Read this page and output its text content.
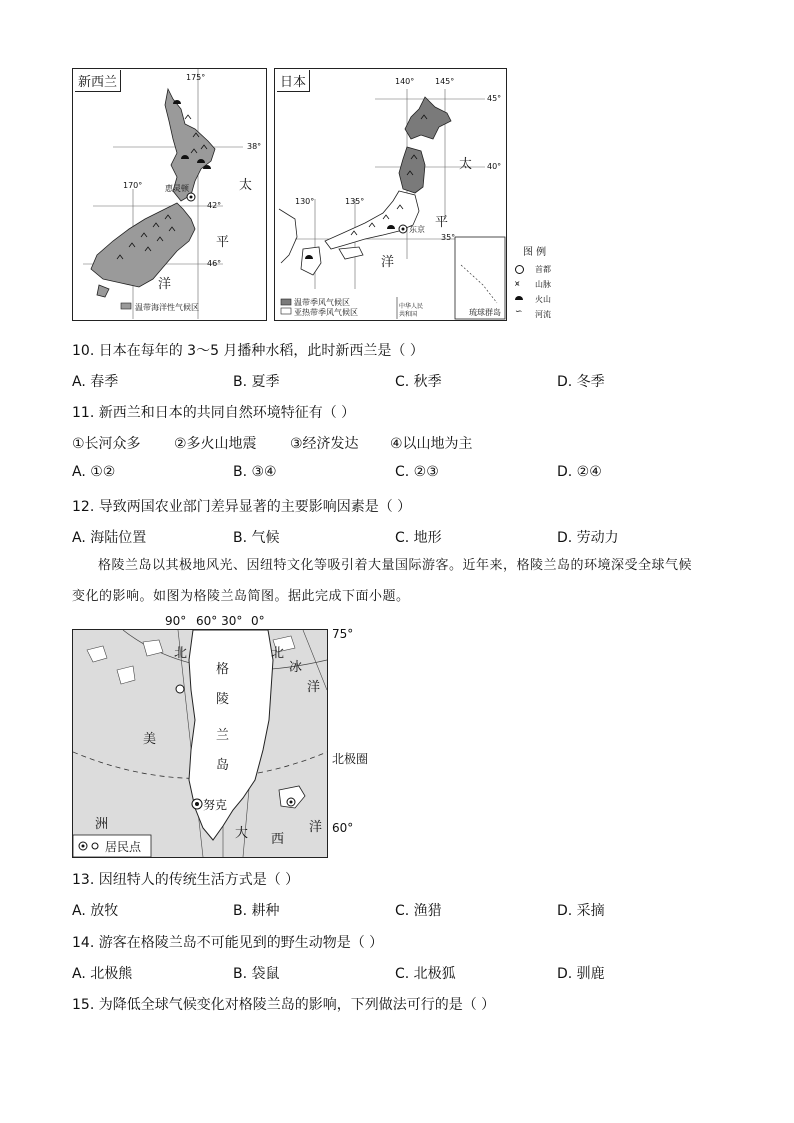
新西兰	175°
170°
38°
42°
46°
惠灵顿	太
平
洋
温带海洋性气候区
日本	140°	145°
130°	135°
45°
40°
35°
东京
太
平
洋
温带季风气候区
亚热带季风气候区
中华人民
共和国	琉球群岛
图 例
首都
⩙ 山脉
火山
∽ 河流
10. 日本在每年的 3～5 月播种水稻，此时新西兰是（ ）
A. 春季	B. 夏季	C. 秋季	D. 冬季
11. 新西兰和日本的共同自然环境特征有（ ）
①长河众多 ②多火山地震 ③经济发达 ④以山地为主
A. ①②	B. ③④	C. ②③	D. ②④
12. 导致两国农业部门差异显著的主要影响因素是（ ）
A. 海陆位置	B. 气候	C. 地形	D. 劳动力
格陵兰岛以其极地风光、因纽特文化等吸引着大量国际游客。近年来，格陵兰岛的环境深受全球气候
变化的影响。如图为格陵兰岛简图。据此完成下面小题。
90° 60° 30° 0°
北
美
洲
格
陵
兰
岛
努克
北
冰
洋
大 西
洋
居民点
75°
北极圈
60°
13. 因纽特人的传统生活方式是（ ）
A. 放牧	B. 耕种	C. 渔猎	D. 采摘
14. 游客在格陵兰岛不可能见到的野生动物是（ ）
A. 北极熊	B. 袋鼠	C. 北极狐	D. 驯鹿
15. 为降低全球气候变化对格陵兰岛的影响，下列做法可行的是（ ）
